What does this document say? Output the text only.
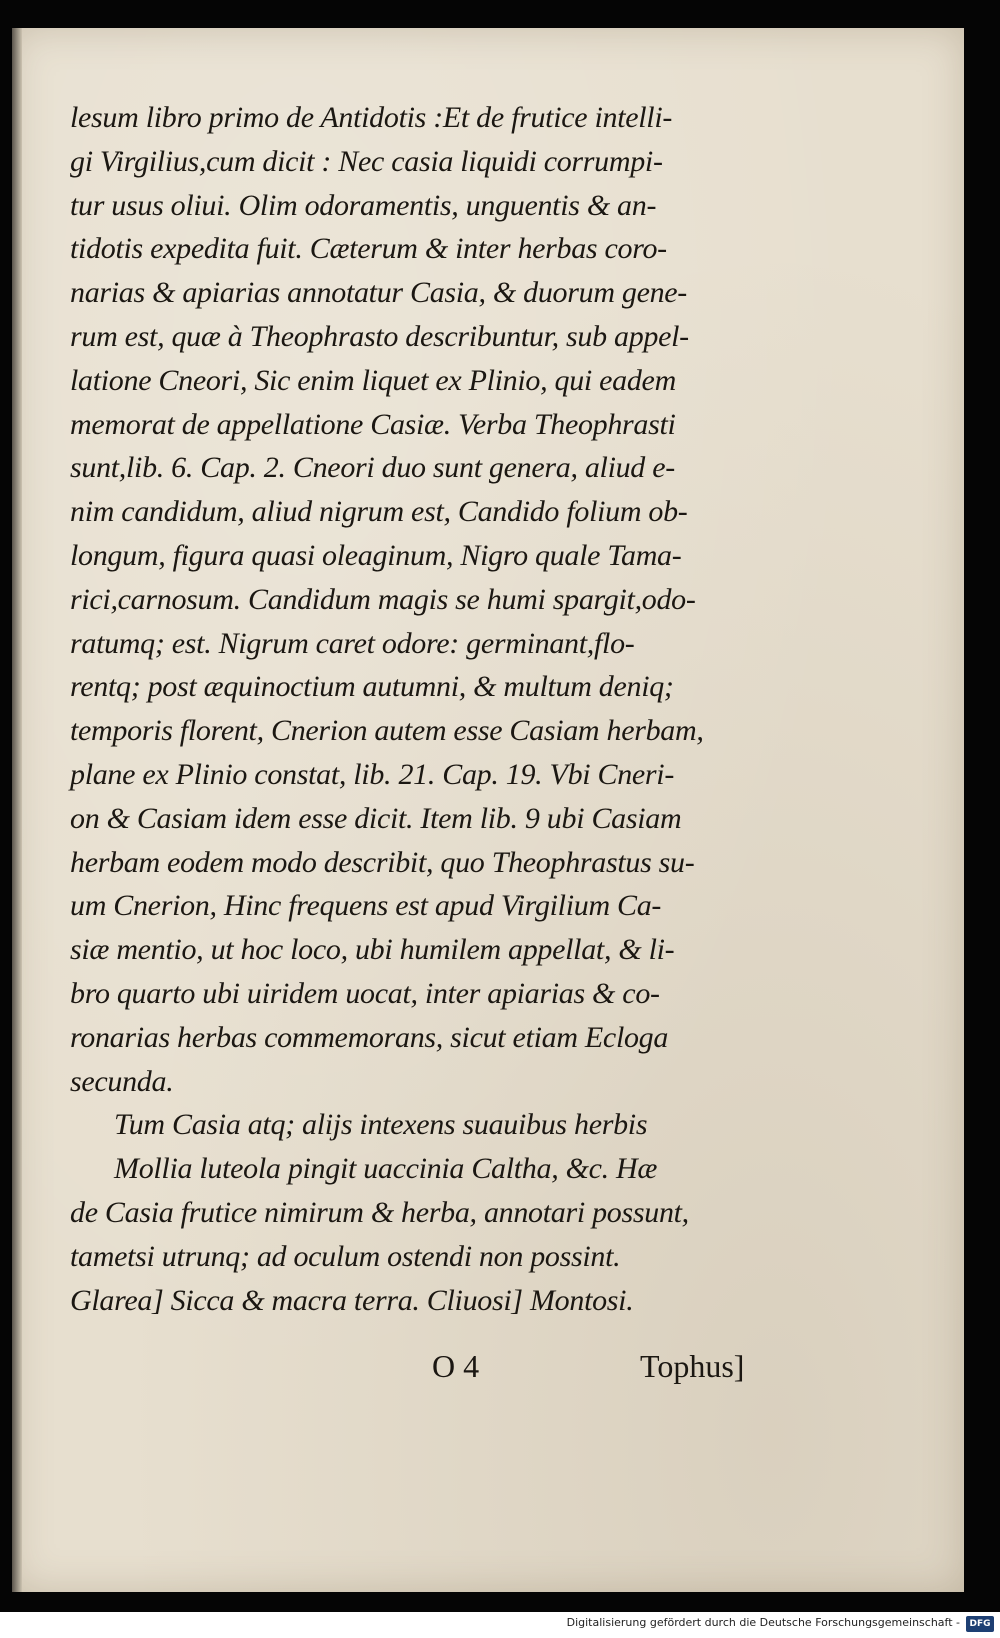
lesum libro primo de Antidotis :Et de frutice intelli-
gi Virgilius,cum dicit : Nec casia liquidi corrumpi-
tur usus oliui. Olim odoramentis, unguentis & an-
tidotis expedita fuit. Cæterum & inter herbas coro-
narias & apiarias annotatur Casia, & duorum gene-
rum est, quæ à Theophrasto describuntur, sub appel-
latione Cneori, Sic enim liquet ex Plinio, qui eadem
memorat de appellatione Casiæ. Verba Theophrasti
sunt,lib. 6. Cap. 2. Cneori duo sunt genera, aliud e-
nim candidum, aliud nigrum est, Candido folium ob-
longum, figura quasi oleaginum, Nigro quale Tama-
rici,carnosum. Candidum magis se humi spargit,odo-
ratumq; est. Nigrum caret odore: germinant,flo-
rentq; post æquinoctium autumni, & multum deniq;
temporis florent, Cnerion autem esse Casiam herbam,
plane ex Plinio constat, lib. 21. Cap. 19. Vbi Cneri-
on & Casiam idem esse dicit. Item lib. 9 ubi Casiam
herbam eodem modo describit, quo Theophrastus su-
um Cnerion, Hinc frequens est apud Virgilium Ca-
siæ mentio, ut hoc loco, ubi humilem appellat, & li-
bro quarto ubi uiridem uocat, inter apiarias & co-
ronarias herbas commemorans, sicut etiam Ecloga
secunda.
Tum Casia atq; alijs intexens suauibus herbis
Mollia luteola pingit uaccinia Caltha, &c. Hæ
de Casia frutice nimirum & herba, annotari possunt,
tametsi utrunq; ad oculum ostendi non possint.
Glarea] Sicca & macra terra. Cliuosi] Montosi.
O 4	Tophus]
Digitalisierung gefördert durch die Deutsche Forschungsgemeinschaft -	DFG
